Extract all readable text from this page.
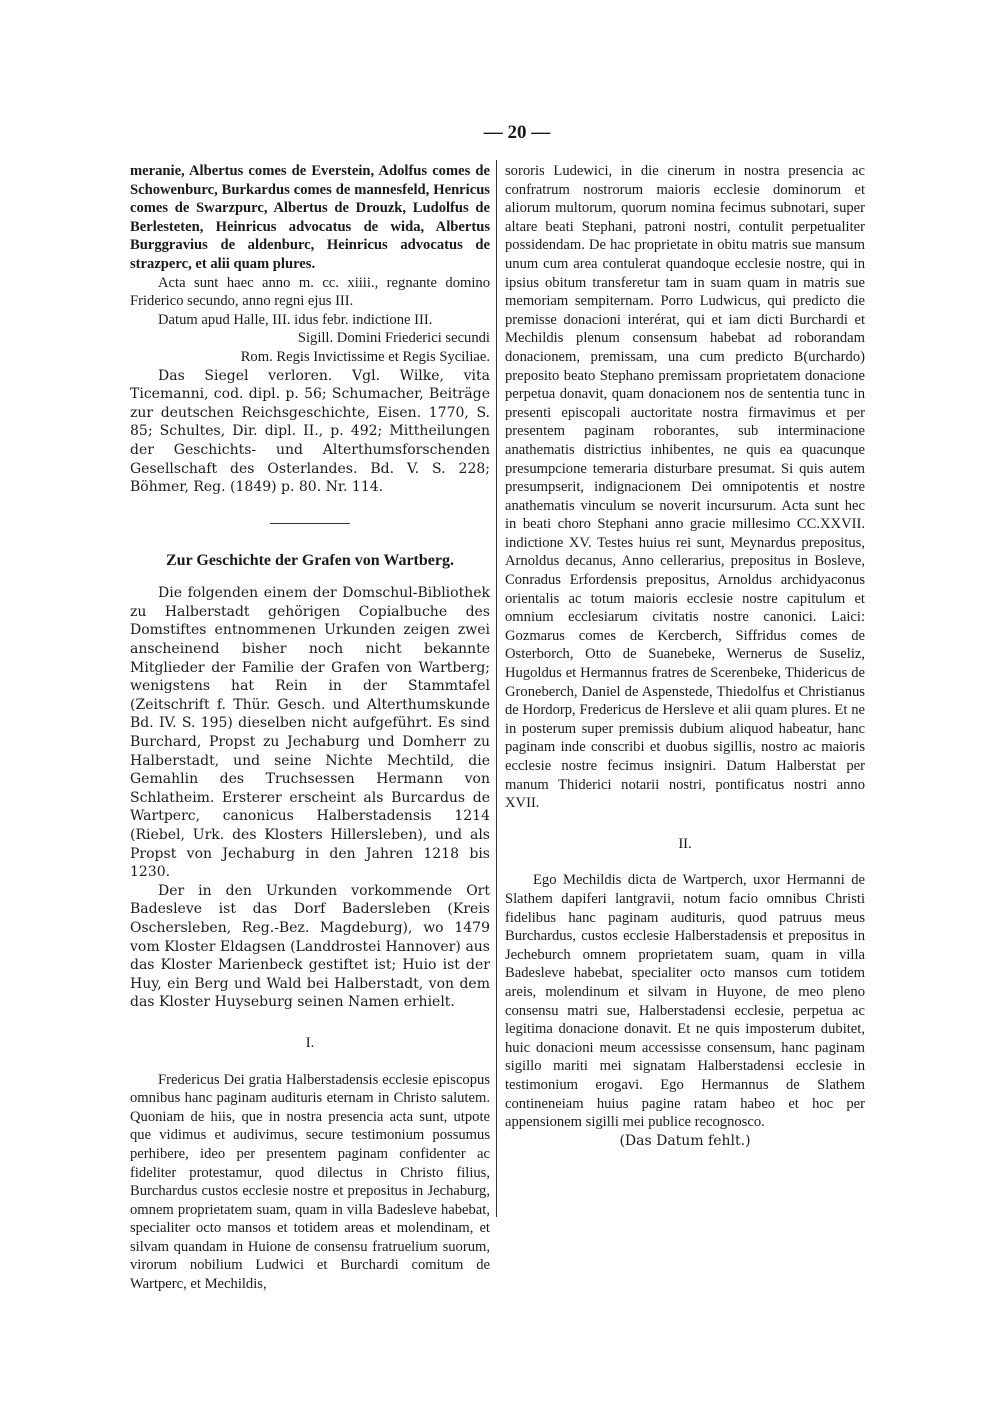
— 20 —

meranie, Albertus comes de Everstein, Adolfus comes de Schowenburc, Burkardus comes de mannesfeld, Henricus comes de Swarzpurc, Albertus de Drouzk, Ludolfus de Berlesteten, Heinricus advocatus de wida, Albertus Burggravius de aldenburc, Heinricus advocatus de strazperc, et alii quam plures.

Acta sunt haec anno m. cc. xiiii., regnante domino Friderico secundo, anno regni ejus III.

Datum apud Halle, III. idus febr. indictione III.

Sigill. Domini Friederici secundi

Rom. Regis Invictissime et Regis Syciliae.

Das Siegel verloren. Vgl. Wilke, vita Ticemanni, cod. dipl. p. 56; Schumacher, Beiträge zur deutschen Reichsgeschichte, Eisen. 1770, S. 85; Schultes, Dir. dipl. II., p. 492; Mittheilungen der Geschichts- und Alterthumsforschenden Gesellschaft des Osterlandes. Bd. V. S. 228; Böhmer, Reg. (1849) p. 80. Nr. 114.

Zur Geschichte der Grafen von Wartberg.

Die folgenden einem der Domschul-Bibliothek zu Halberstadt gehörigen Copialbuche des Domstiftes entnommenen Urkunden zeigen zwei anscheinend bisher noch nicht bekannte Mitglieder der Familie der Grafen von Wartberg; wenigstens hat Rein in der Stammtafel (Zeitschrift f. Thür. Gesch. und Alterthumskunde Bd. IV. S. 195) dieselben nicht aufgeführt. Es sind Burchard, Propst zu Jechaburg und Domherr zu Halberstadt, und seine Nichte Mechtild, die Gemahlin des Truchsessen Hermann von Schlatheim. Ersterer erscheint als Burcardus de Wartperc, canonicus Halberstadensis 1214 (Riebel, Urk. des Klosters Hillersleben), und als Propst von Jechaburg in den Jahren 1218 bis 1230.

Der in den Urkunden vorkommende Ort Badesleve ist das Dorf Badersleben (Kreis Oschersleben, Reg.-Bez. Magdeburg), wo 1479 vom Kloster Eldagsen (Landdrostei Hannover) aus das Kloster Marienbeck gestiftet ist; Huio ist der Huy, ein Berg und Wald bei Halberstadt, von dem das Kloster Huyseburg seinen Namen erhielt.

I.

Fredericus Dei gratia Halberstadensis ecclesie episcopus omnibus hanc paginam audituris eternam in Christo salutem. Quoniam de hiis, que in nostra presencia acta sunt, utpote que vidimus et audivimus, secure testimonium possumus perhibere, ideo per presentem paginam confidenter ac fideliter protestamur, quod dilectus in Christo filius, Burchardus custos ecclesie nostre et prepositus in Jechaburg, omnem proprietatem suam, quam in villa Badesleve habebat, specialiter octo mansos et totidem areas et molendinam, et silvam quandam in Huione de consensu fratruelium suorum, virorum nobilium Ludwici et Burchardi comitum de Wartperc, et Mechildis,

sororis Ludewici, in die cinerum in nostra presencia ac confratrum nostrorum maioris ecclesie dominorum et aliorum multorum, quorum nomina fecimus subnotari, super altare beati Stephani, patroni nostri, contulit perpetualiter possidendam. De hac proprietate in obitu matris sue mansum unum cum area contulerat quandoque ecclesie nostre, qui in ipsius obitum transferetur tam in suam quam in matris sue memoriam sempiternam. Porro Ludwicus, qui predicto die premisse donacioni interérat, qui et iam dicti Burchardi et Mechildis plenum consensum habebat ad roborandam donacionem, premissam, una cum predicto B(urchardo) preposito beato Stephano premissam proprietatem donacione perpetua donavit, quam donacionem nos de sententia tunc in presenti episcopali auctoritate nostra firmavimus et per presentem paginam roborantes, sub interminacione anathematis districtius inhibentes, ne quis ea quacunque presumpcione temeraria disturbare presumat. Si quis autem presumpserit, indignacionem Dei omnipotentis et nostre anathematis vinculum se noverit incursurum. Acta sunt hec in beati choro Stephani anno gracie millesimo CC.XXVII. indictione XV. Testes huius rei sunt, Meynardus prepositus, Arnoldus decanus, Anno cellerarius, prepositus in Bosleve, Conradus Erfordensis prepositus, Arnoldus archidyaconus orientalis ac totum maioris ecclesie nostre capitulum et omnium ecclesiarum civitatis nostre canonici. Laici: Gozmarus comes de Kercberch, Siffridus comes de Osterborch, Otto de Suanebeke, Wernerus de Suseliz, Hugoldus et Hermannus fratres de Scerenbeke, Thidericus de Groneberch, Daniel de Aspenstede, Thiedolfus et Christianus de Hordorp, Fredericus de Hersleve et alii quam plures. Et ne in posterum super premissis dubium aliquod habeatur, hanc paginam inde conscribi et duobus sigillis, nostro ac maioris ecclesie nostre fecimus insigniri. Datum Halberstat per manum Thiderici notarii nostri, pontificatus nostri anno XVII.

II.

Ego Mechildis dicta de Wartperch, uxor Hermanni de Slathem dapiferi lantgravii, notum facio omnibus Christi fidelibus hanc paginam audituris, quod patruus meus Burchardus, custos ecclesie Halberstadensis et prepositus in Jecheburch omnem proprietatem suam, quam in villa Badesleve habebat, specialiter octo mansos cum totidem areis, molendinum et silvam in Huyone, de meo pleno consensu matri sue, Halberstadensi ecclesie, perpetua ac legitima donacione donavit. Et ne quis imposterum dubitet, huic donacioni meum accessisse consensum, hanc paginam sigillo mariti mei signatam Halberstadensi ecclesie in testimonium erogavi. Ego Hermannus de Slathem contineneiam huius pagine ratam habeo et hoc per appensionem sigilli mei publice recognosco.

(Das Datum fehlt.)
